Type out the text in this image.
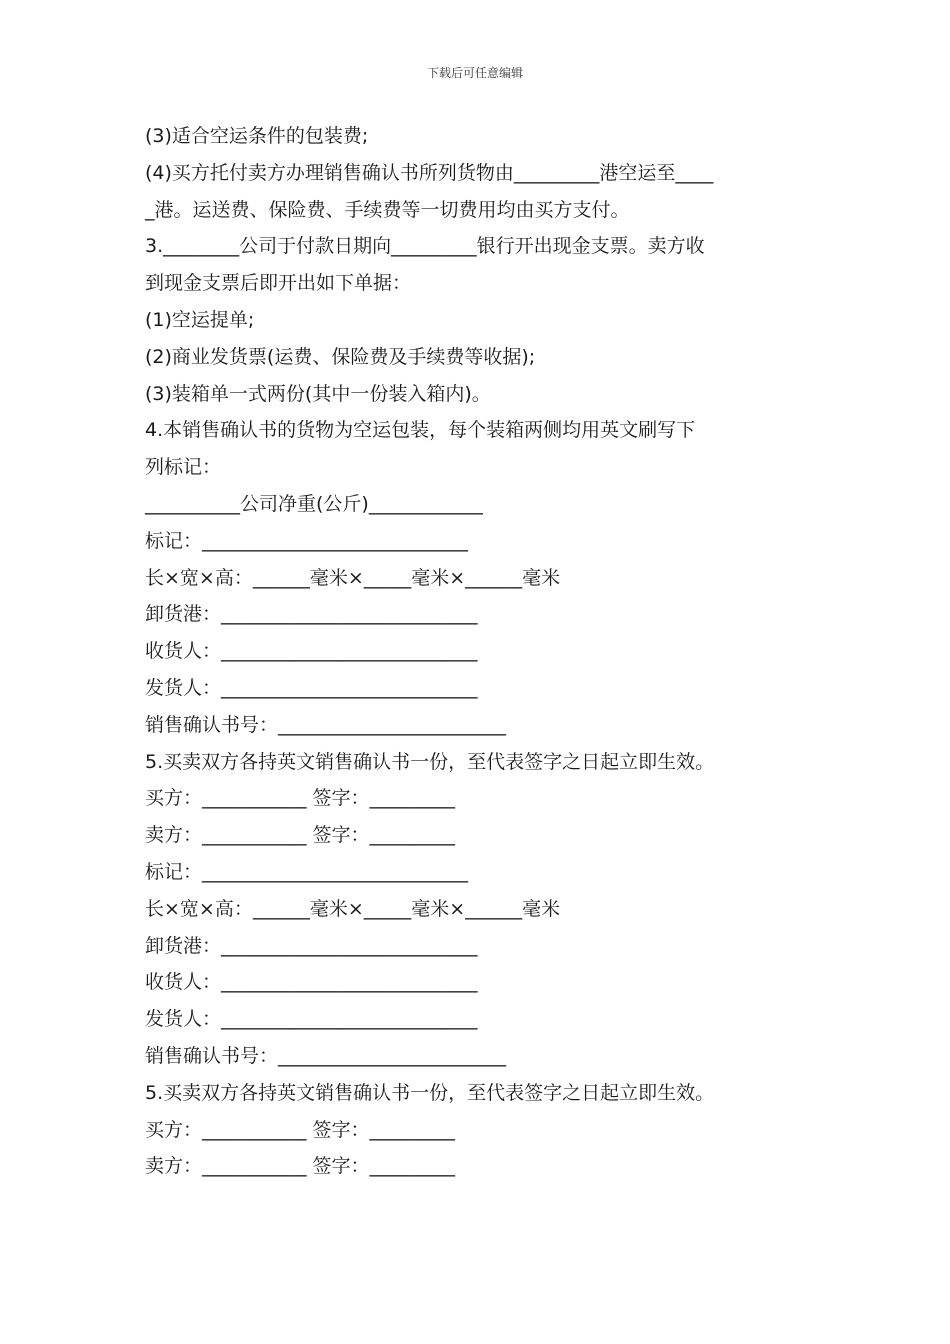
下载后可任意编辑
(3)适合空运条件的包装费;
(4)买方托付卖方办理销售确认书所列货物由_________港空运至____
_港。运送费、保险费、手续费等一切费用均由买方支付。
3.________公司于付款日期向_________银行开出现金支票。卖方收
到现金支票后即开出如下单据：
(1)空运提单;
(2)商业发货票(运费、保险费及手续费等收据);
(3)装箱单一式两份(其中一份装入箱内)。
4.本销售确认书的货物为空运包装，每个装箱两侧均用英文刷写下
列标记：
__________公司净重(公斤)____________
标记：____________________________
长×宽×高：______毫米×_____毫米×______毫米
卸货港：___________________________
收货人：___________________________
发货人：___________________________
销售确认书号：________________________
5.买卖双方各持英文销售确认书一份，至代表签字之日起立即生效。
买方：___________ 签字：_________
卖方：___________ 签字：_________
标记：____________________________
长×宽×高：______毫米×_____毫米×______毫米
卸货港：___________________________
收货人：___________________________
发货人：___________________________
销售确认书号：________________________
5.买卖双方各持英文销售确认书一份，至代表签字之日起立即生效。
买方：___________ 签字：_________
卖方：___________ 签字：_________
